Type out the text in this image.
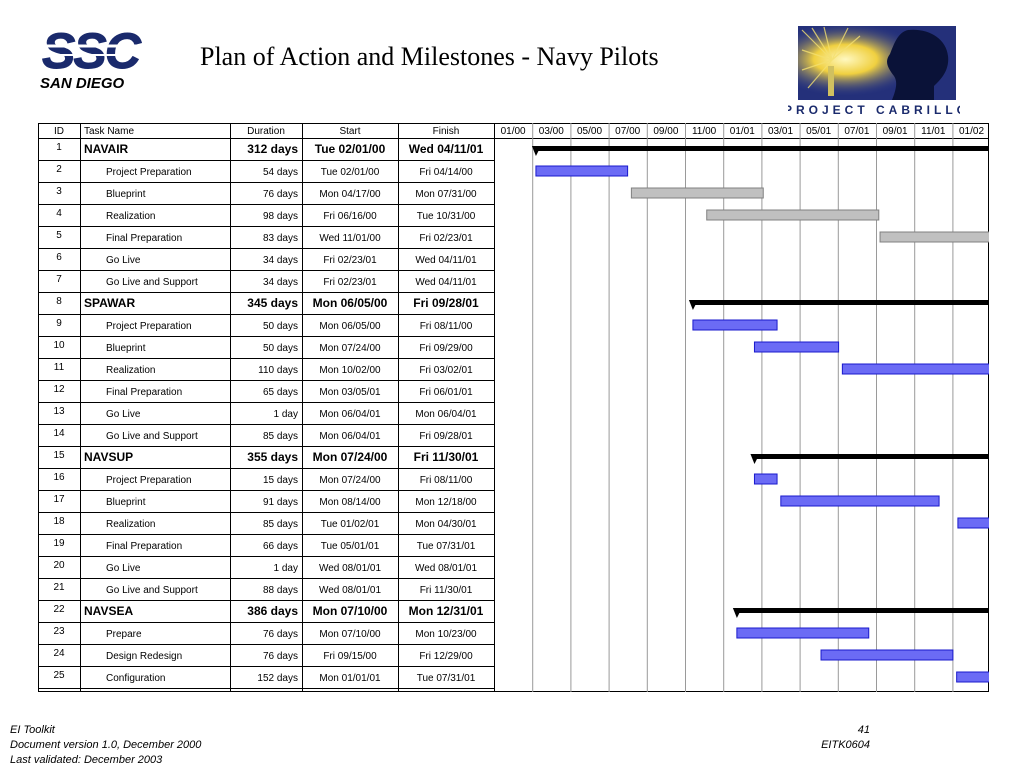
SSC
SAN DIEGO
Plan of Action and Milestones - Navy Pilots
PROJECT CABRILLO
ID Task Name	Duration	Start	Finish	01/00 03/00 05/00 07/00 09/00 11/00 01/01 03/01 05/01 07/01 09/01 11/01 01/02
1 NAVAIR	312 days Tue 02/01/00 Wed 04/11/01
2	Project Preparation	54 days Tue 02/01/00	Fri 04/14/00
3	Blueprint	76 days Mon 04/17/00	Mon 07/31/00
4	Realization	98 days	Fri 06/16/00	Tue 10/31/00
5	Final Preparation	83 days Wed 11/01/00	Fri 02/23/01
6	Go Live	34 days	Fri 02/23/01	Wed 04/11/01
7	Go Live and Support	34 days	Fri 02/23/01	Wed 04/11/01
8 SPAWAR	345 days Mon 06/05/00 Fri 09/28/01
9	Project Preparation	50 days Mon 06/05/00	Fri 08/11/00
10	Blueprint	50 days Mon 07/24/00	Fri 09/29/00
11	Realization	110 days Mon 10/02/00	Fri 03/02/01
12	Final Preparation	65 days Mon 03/05/01	Fri 06/01/01
13	Go Live	1 day Mon 06/04/01	Mon 06/04/01
14	Go Live and Support	85 days Mon 06/04/01	Fri 09/28/01
15 NAVSUP	355 days Mon 07/24/00 Fri 11/30/01
16	Project Preparation	15 days Mon 07/24/00	Fri 08/11/00
17	Blueprint	91 days Mon 08/14/00	Mon 12/18/00
18	Realization	85 days Tue 01/02/01	Mon 04/30/01
19	Final Preparation	66 days Tue 05/01/01	Tue 07/31/01
20	Go Live	1 day Wed 08/01/01	Wed 08/01/01
21	Go Live and Support	88 days Wed 08/01/01	Fri 11/30/01
22 NAVSEA	386 days Mon 07/10/00 Mon 12/31/01
23	Prepare	76 days Mon 07/10/00	Mon 10/23/00
24	Design Redesign	76 days	Fri 09/15/00	Fri 12/29/00
25	Configuration	152 days Mon 01/01/01	Tue 07/31/01
EI Toolkit
Document version 1.0, December 2000
Last validated: December 2003
41
EITK0604
